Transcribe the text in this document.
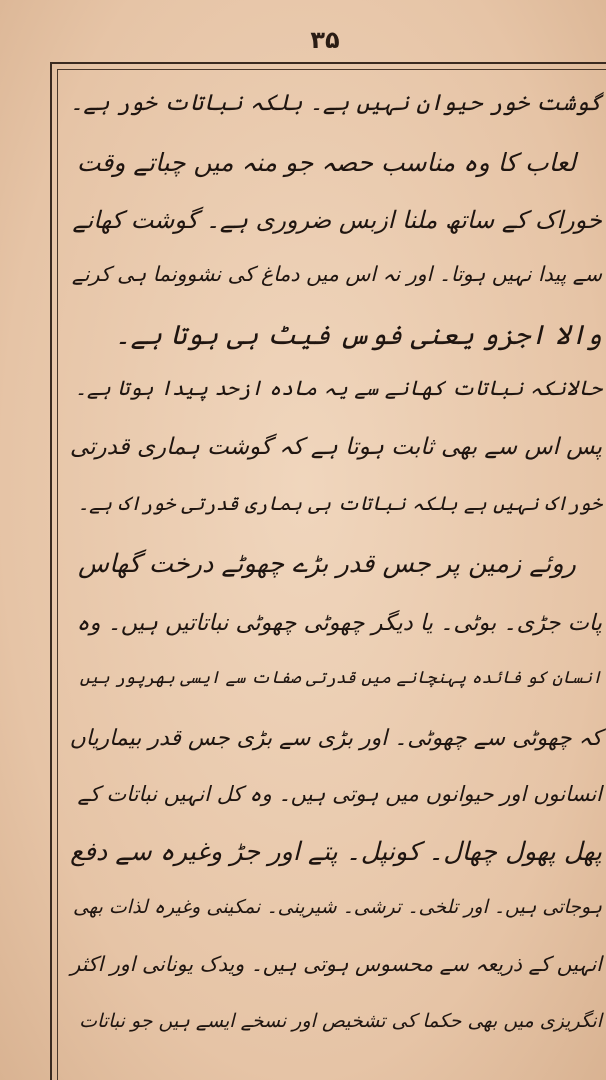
۳۵
گوشت خور حیوان نہیں ہے۔ بلکہ نباتات خور ہے۔
لعاب کا وہ مناسب حصہ جو منہ میں چباتے وقت
خوراک کے ساتھ ملنا ازبس ضروری ہے۔ گوشت کھانے
سے پیدا نہیں ہوتا۔ اور نہ اس میں دماغ کی نشوونما ہی کرنے
والا اجزو یعنی فوس فیٹ ہی ہوتا ہے۔
حالانکہ نباتات کھانے سے یہ مادہ ازحد پیدا ہوتا ہے۔
پس اس سے بھی ثابت ہوتا ہے کہ گوشت ہماری قدرتی
خوراک نہیں ہے بلکہ نباتات ہی ہماری قدرتی خوراک ہے۔
روئے زمین پر جس قدر بڑے چھوٹے درخت گھاس
پات جڑی۔ بوٹی۔ یا دیگر چھوٹی چھوٹی نباتاتیں ہیں۔ وہ
انسان کو فائدہ پہنچانے میں قدرتی صفات سے ایسی بھرپور ہیں
کہ چھوٹی سے چھوٹی۔ اور بڑی سے بڑی جس قدر بیماریاں
انسانوں اور حیوانوں میں ہوتی ہیں۔ وہ کل انہیں نباتات کے
پھل پھول چھال۔ کونپل۔ پتے اور جڑ وغیرہ سے دفع
ہوجاتی ہیں۔ اور تلخی۔ ترشی۔ شیرینی۔ نمکینی وغیرہ لذات بھی
انہیں کے ذریعہ سے محسوس ہوتی ہیں۔ ویدک یونانی اور اکثر
انگریزی میں بھی حکما کی تشخیص اور نسخے ایسے ہیں جو نباتات
